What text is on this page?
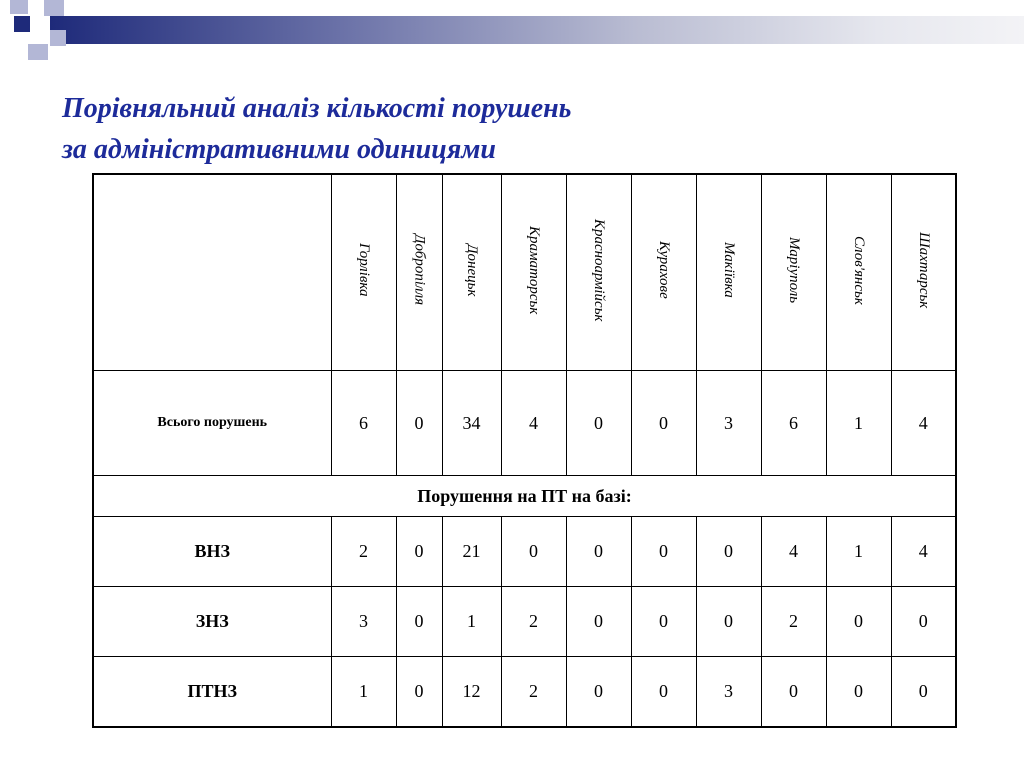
Порівняльний аналіз кількості порушень
за адміністративними одиницями
	Горлівка	Добропілля	Донецьк	Краматорськ	Красноармійськ	Курахове	Макіївка	Маріуполь	Слов'янськ	Шахтарськ
Всього порушень	6	0	34	4	0	0	3	6	1	4
Порушення на ПТ на базі:										
ВНЗ	2	0	21	0	0	0	0	4	1	4
ЗНЗ	3	0	1	2	0	0	0	2	0	0
ПТНЗ	1	0	12	2	0	0	3	0	0	0
